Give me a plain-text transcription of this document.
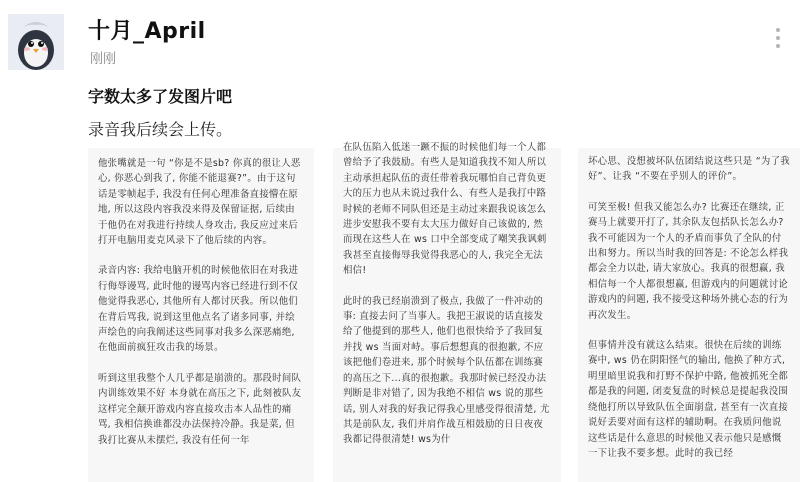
十月_April
刚刚
字数太多了发图片吧
录音我后续会上传。

他张嘴就是一句 “你是不是sb? 你真的很让人恶心, 你恶心到我了, 你能不能退赛?”。由于这句话是零帧起手, 我没有任何心理准备直接懵在原地, 所以这段内容我没来得及保留证据, 后续由于他仍在对我进行持续人身攻击, 我反应过来后打开电脑用麦克风录下了他后续的内容。

录音内容: 我给电脑开机的时候他依旧在对我进行侮辱谩骂, 此时他的谩骂内容已经进行到不仅他觉得我恶心, 其他所有人都讨厌我。所以他们在背后骂我, 说到这里他点名了诸多同事, 并绘声绘色的向我阐述这些同事对我多么深恶痛绝, 在他面前疯狂攻击我的场景。

听到这里我整个人几乎都是崩溃的。那段时间队内训练效果不好 本身就在高压之下, 此刻被队友这样完全颠开游戏内容直接攻击本人品性的痛骂, 我相信换谁都没办法保持冷静。我是菜, 但我打比赛从未摆烂, 我没有任何一年

在队伍陷入低迷一蹶不振的时候他们每一个人都曾给予了我鼓励。有些人是知道我找不知人所以主动承担起队伍的责任带着我玩哪怕自己背负更大的压力也从未说过我什么、有些人是我打中路时候的老师不同队但还是主动过来跟我说该怎么进步安慰我不要有太大压力做好自己该做的, 然而现在这些人在 ws 口中全部变成了嘲笑我讽刺我甚至直接侮辱我觉得我恶心的人, 我完全无法相信!

此时的我已经崩溃到了极点, 我做了一件冲动的事: 直接去问了当事人。我把王淑说的话直接发给了他提到的那些人, 他们也很快给予了我回复并找 ws 当面对峙。事后想想真的很抱歉, 不应该把他们卷进来, 那个时候每个队伍都在训练赛的高压之下...真的很抱歉。我那时候已经没办法判断是非对错了, 因为我绝不相信 ws 说的那些话, 别人对我的好我记得我心里感受得很清楚, 尤其是前队友, 我们并肩作战互相鼓励的日日夜夜我都记得很清楚! ws为什

坏心思、没想被坏队伍团结说这些只是 “为了我好”、让我 “不要在乎别人的评价”。

可笑至极! 但我又能怎么办? 比赛还在继续, 正赛马上就要开打了, 其余队友包括队长怎么办? 我不可能因为一个人的矛盾而事负了全队的付出和努力。所以当时我的回答是: 不论怎么样我都会全力以赴, 请大家放心。我真的很想赢, 我相信每一个人都很想赢, 但游戏内的问题就讨论游戏内的问题, 我不接受这种场外挑心态的行为再次发生。

但事情并没有就这么结束。很快在后续的训练赛中, ws 仍在阴阳怪气的输出, 他换了种方式, 明里暗里说我和打野不保护中路, 他被抓死全都都是我的问题, 闭麦复盘的时候总是提起我没围绕他打所以导致队伍全面崩盘, 甚至有一次直接说好丢要对面有这样的辅助啊。在我质问他说这些话是什么意思的时候他又表示他只是感慨一下让我不要多想。此时的我已经
